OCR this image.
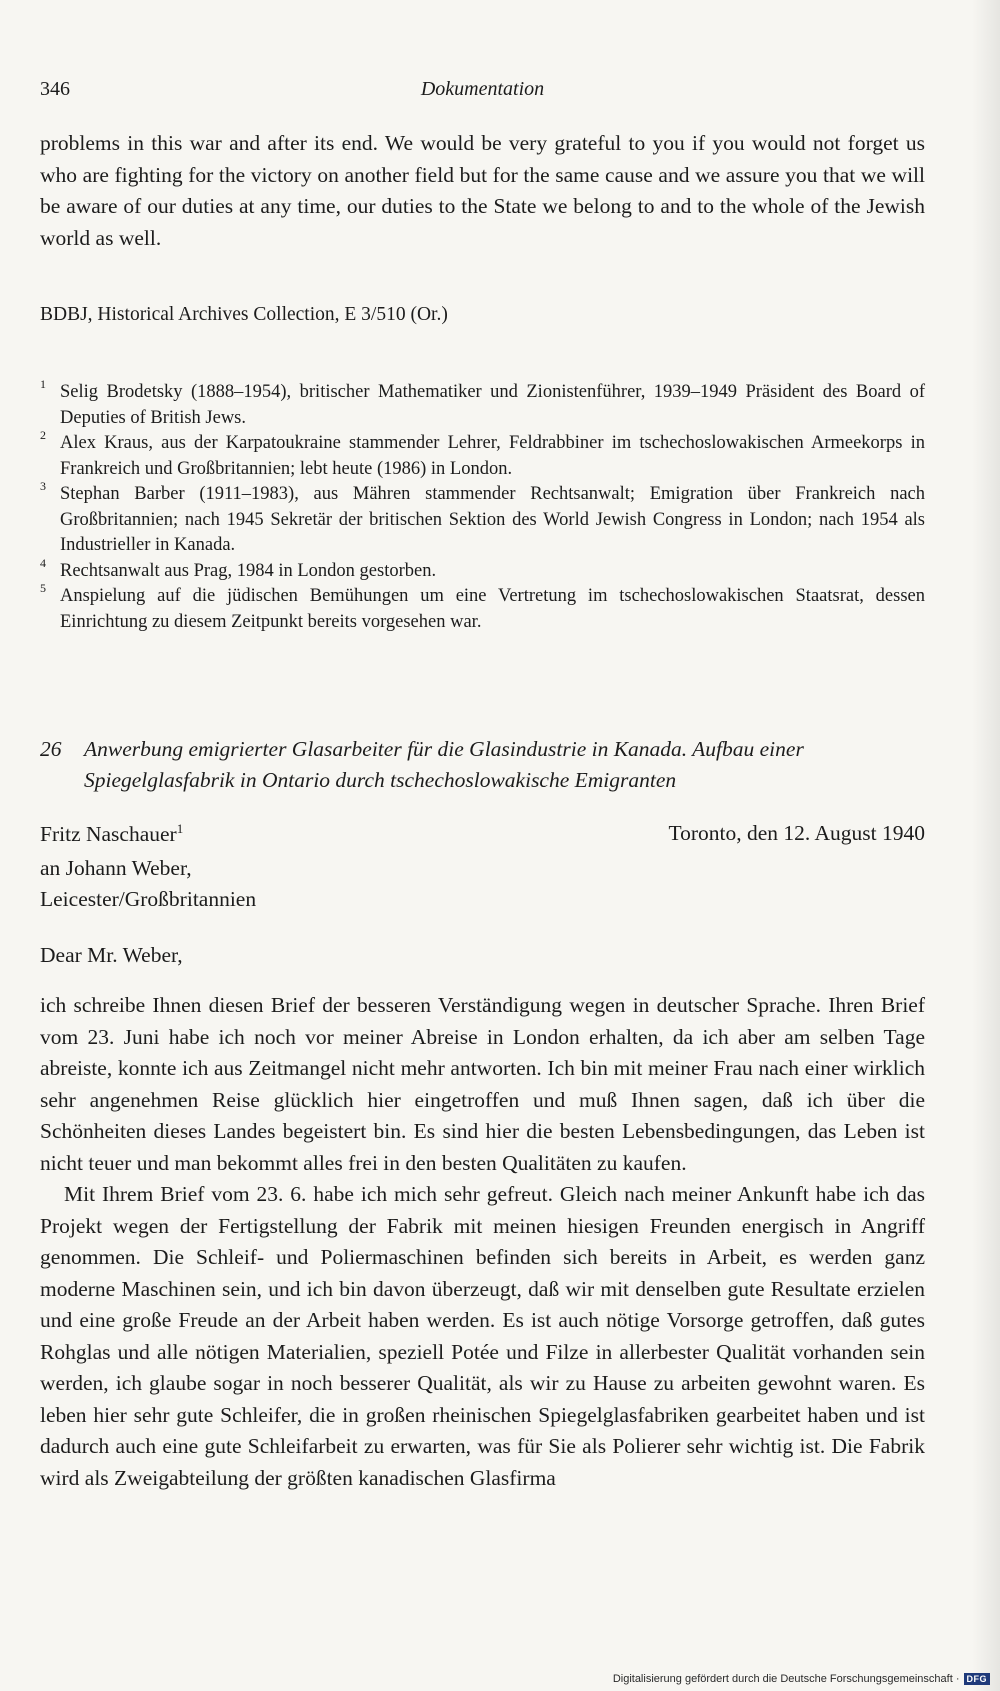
346	Dokumentation

problems in this war and after its end. We would be very grateful to you if you would not forget us who are fighting for the victory on another field but for the same cause and we assure you that we will be aware of our duties at any time, our duties to the State we belong to and to the whole of the Jewish world as well.

BDBJ, Historical Archives Collection, E 3/510 (Or.)
1 Selig Brodetsky (1888–1954), britischer Mathematiker und Zionistenführer, 1939–1949 Präsident des Board of Deputies of British Jews.
2 Alex Kraus, aus der Karpatoukraine stammender Lehrer, Feldrabbiner im tschechoslowakischen Armeekorps in Frankreich und Großbritannien; lebt heute (1986) in London.
3 Stephan Barber (1911–1983), aus Mähren stammender Rechtsanwalt; Emigration über Frankreich nach Großbritannien; nach 1945 Sekretär der britischen Sektion des World Jewish Congress in London; nach 1954 als Industrieller in Kanada.
4 Rechtsanwalt aus Prag, 1984 in London gestorben.
5 Anspielung auf die jüdischen Bemühungen um eine Vertretung im tschechoslowakischen Staatsrat, dessen Einrichtung zu diesem Zeitpunkt bereits vorgesehen war.
26 Anwerbung emigrierter Glasarbeiter für die Glasindustrie in Kanada. Aufbau einer Spiegelglasfabrik in Ontario durch tschechoslowakische Emigranten
Fritz Naschauer$^1$	Toronto, den 12. August 1940
an Johann Weber,
Leicester/Großbritannien
Dear Mr. Weber,

ich schreibe Ihnen diesen Brief der besseren Verständigung wegen in deutscher Sprache. Ihren Brief vom 23. Juni habe ich noch vor meiner Abreise in London erhalten, da ich aber am selben Tage abreiste, konnte ich aus Zeitmangel nicht mehr antworten. Ich bin mit meiner Frau nach einer wirklich sehr angenehmen Reise glücklich hier eingetroffen und muß Ihnen sagen, daß ich über die Schönheiten dieses Landes begeistert bin. Es sind hier die besten Lebensbedingungen, das Leben ist nicht teuer und man bekommt alles frei in den besten Qualitäten zu kaufen.

Mit Ihrem Brief vom 23. 6. habe ich mich sehr gefreut. Gleich nach meiner Ankunft habe ich das Projekt wegen der Fertigstellung der Fabrik mit meinen hiesigen Freunden energisch in Angriff genommen. Die Schleif- und Poliermaschinen befinden sich bereits in Arbeit, es werden ganz moderne Maschinen sein, und ich bin davon überzeugt, daß wir mit denselben gute Resultate erzielen und eine große Freude an der Arbeit haben werden. Es ist auch nötige Vorsorge getroffen, daß gutes Rohglas und alle nötigen Materialien, speziell Potée und Filze in allerbester Qualität vorhanden sein werden, ich glaube sogar in noch besserer Qualität, als wir zu Hause zu arbeiten gewohnt waren. Es leben hier sehr gute Schleifer, die in großen rheinischen Spiegelglasfabriken gearbeitet haben und ist dadurch auch eine gute Schleifarbeit zu erwarten, was für Sie als Polierer sehr wichtig ist. Die Fabrik wird als Zweigabteilung der größten kanadischen Glasfirma

Digitalisierung gefördert durch die Deutsche Forschungsgemeinschaft · DFG
